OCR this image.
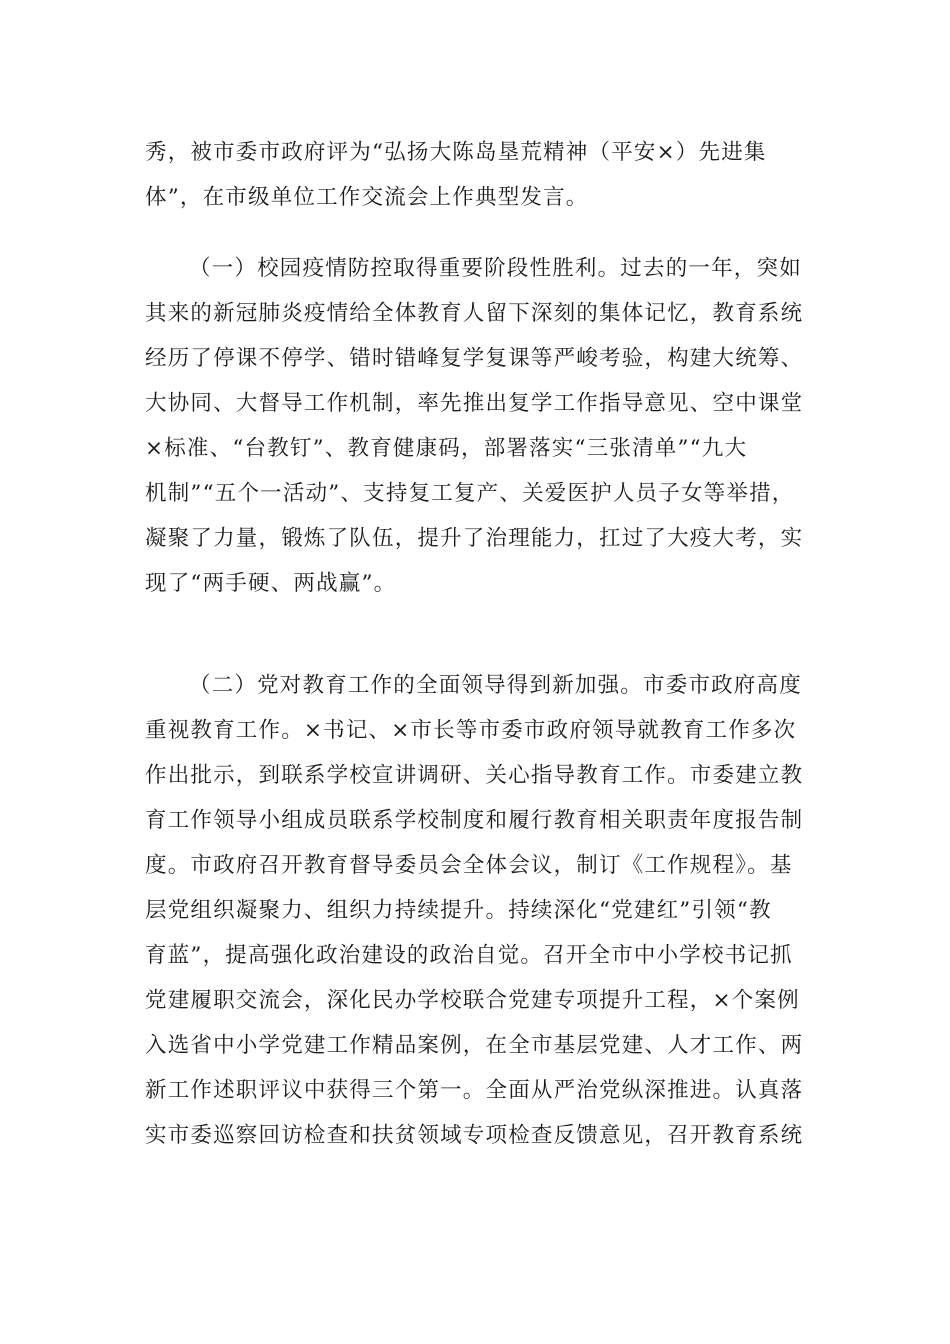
秀，被市委市政府评为“弘扬大陈岛垦荒精神（平安×）先进集
体”，在市级单位工作交流会上作典型发言。
（一）校园疫情防控取得重要阶段性胜利。过去的一年，突如
其来的新冠肺炎疫情给全体教育人留下深刻的集体记忆，教育系统
经历了停课不停学、错时错峰复学复课等严峻考验，构建大统筹、
大协同、大督导工作机制，率先推出复学工作指导意见、空中课堂
×标准、“台教钉”、教育健康码，部署落实“三张清单”“九大
机制”“五个一活动”、支持复工复产、关爱医护人员子女等举措，
凝聚了力量，锻炼了队伍，提升了治理能力，扛过了大疫大考，实
现了“两手硬、两战赢”。
（二）党对教育工作的全面领导得到新加强。市委市政府高度
重视教育工作。×书记、×市长等市委市政府领导就教育工作多次
作出批示，到联系学校宣讲调研、关心指导教育工作。市委建立教
育工作领导小组成员联系学校制度和履行教育相关职责年度报告制
度。市政府召开教育督导委员会全体会议，制订《工作规程》。基
层党组织凝聚力、组织力持续提升。持续深化“党建红”引领“教
育蓝”，提高强化政治建设的政治自觉。召开全市中小学校书记抓
党建履职交流会，深化民办学校联合党建专项提升工程，×个案例
入选省中小学党建工作精品案例，在全市基层党建、人才工作、两
新工作述职评议中获得三个第一。全面从严治党纵深推进。认真落
实市委巡察回访检查和扶贫领域专项检查反馈意见，召开教育系统
